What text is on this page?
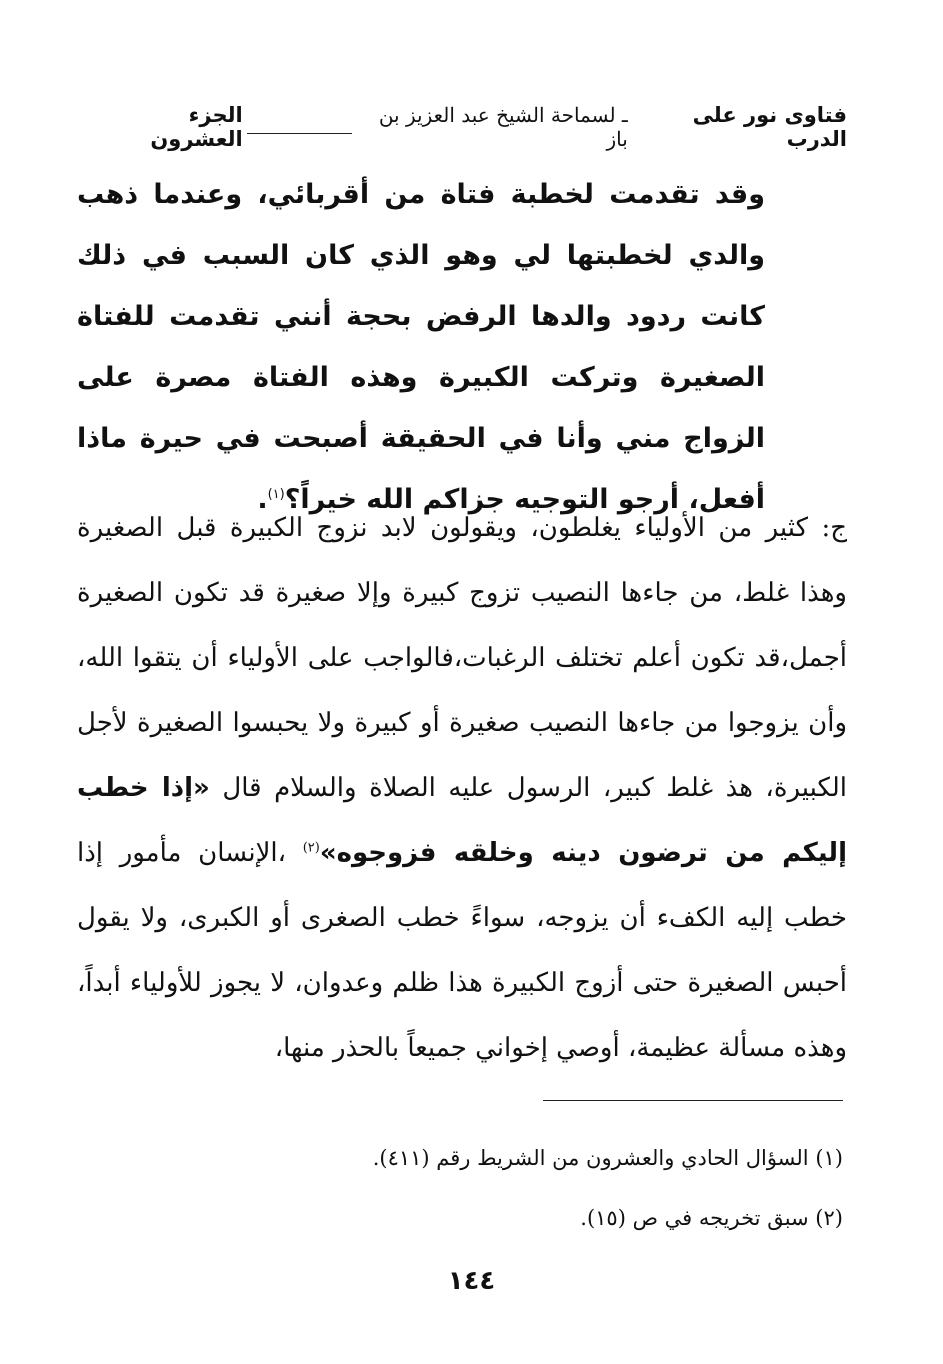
فتاوى نور على الدرب
ـ لسماحة الشيخ عبد العزيز بن باز
الجزء العشرون
وقد تقدمت لخطبة فتاة من أقربائي، وعندما ذهب والدي لخطبتها لي وهو الذي كان السبب في ذلك كانت ردود والدها الرفض بحجة أنني تقدمت للفتاة الصغيرة وتركت الكبيرة وهذه الفتاة مصرة على الزواج مني وأنا في الحقيقة أصبحت في حيرة ماذا أفعل، أرجو التوجيه جزاكم الله خيراً؟$^{(١)}$.
ج: كثير من الأولياء يغلطون، ويقولون لابد نزوج الكبيرة قبل الصغيرة وهذا غلط، من جاءها النصيب تزوج كبيرة وإلا صغيرة قد تكون الصغيرة أجمل،قد تكون أعلم تختلف الرغبات،فالواجب على الأولياء أن يتقوا الله، وأن يزوجوا من جاءها النصيب صغيرة أو كبيرة ولا يحبسوا الصغيرة لأجل الكبيرة، هذ غلط كبير، الرسول عليه الصلاة والسلام قال «إذا خطب إليكم من ترضون دينه وخلقه فزوجوه»$^{(٢)}$ ،الإنسان مأمور إذا خطب إليه الكفء أن يزوجه، سواءً خطب الصغرى أو الكبرى، ولا يقول أحبس الصغيرة حتى أزوج الكبيرة هذا ظلم وعدوان، لا يجوز للأولياء أبداً، وهذه مسألة عظيمة، أوصي إخواني جميعاً بالحذر منها،
(١) السؤال الحادي والعشرون من الشريط رقم (٤١١).
(٢) سبق تخريجه في ص (١٥).
١٤٤
